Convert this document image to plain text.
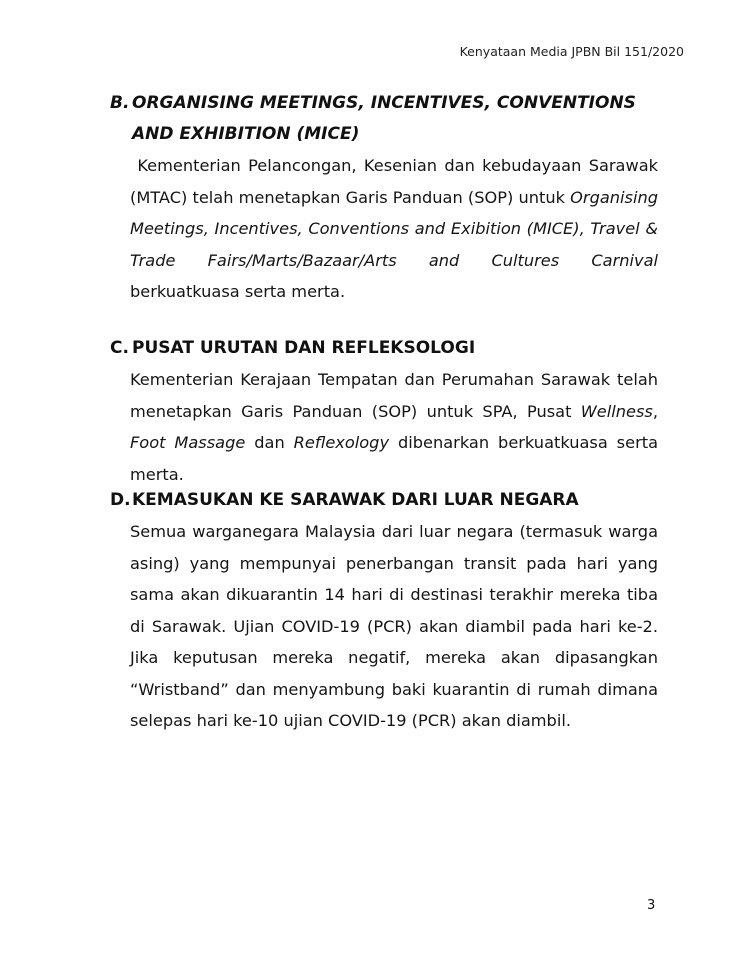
Kenyataan Media JPBN Bil 151/2020
B. ORGANISING MEETINGS, INCENTIVES, CONVENTIONS AND EXHIBITION (MICE)
Kementerian Pelancongan, Kesenian dan kebudayaan Sarawak (MTAC) telah menetapkan Garis Panduan (SOP) untuk Organising Meetings, Incentives, Conventions and Exibition (MICE), Travel & Trade Fairs/Marts/Bazaar/Arts and Cultures Carnival berkuatkuasa serta merta.
C. PUSAT URUTAN DAN REFLEKSOLOGI
Kementerian Kerajaan Tempatan dan Perumahan Sarawak telah menetapkan Garis Panduan (SOP) untuk SPA, Pusat Wellness, Foot Massage dan Reflexology dibenarkan berkuatkuasa serta merta.
D. KEMASUKAN KE SARAWAK DARI LUAR NEGARA
Semua warganegara Malaysia dari luar negara (termasuk warga asing) yang mempunyai penerbangan transit pada hari yang sama akan dikuarantin 14 hari di destinasi terakhir mereka tiba di Sarawak. Ujian COVID-19 (PCR) akan diambil pada hari ke-2. Jika keputusan mereka negatif, mereka akan dipasangkan “Wristband” dan menyambung baki kuarantin di rumah dimana selepas hari ke-10 ujian COVID-19 (PCR) akan diambil.
3
